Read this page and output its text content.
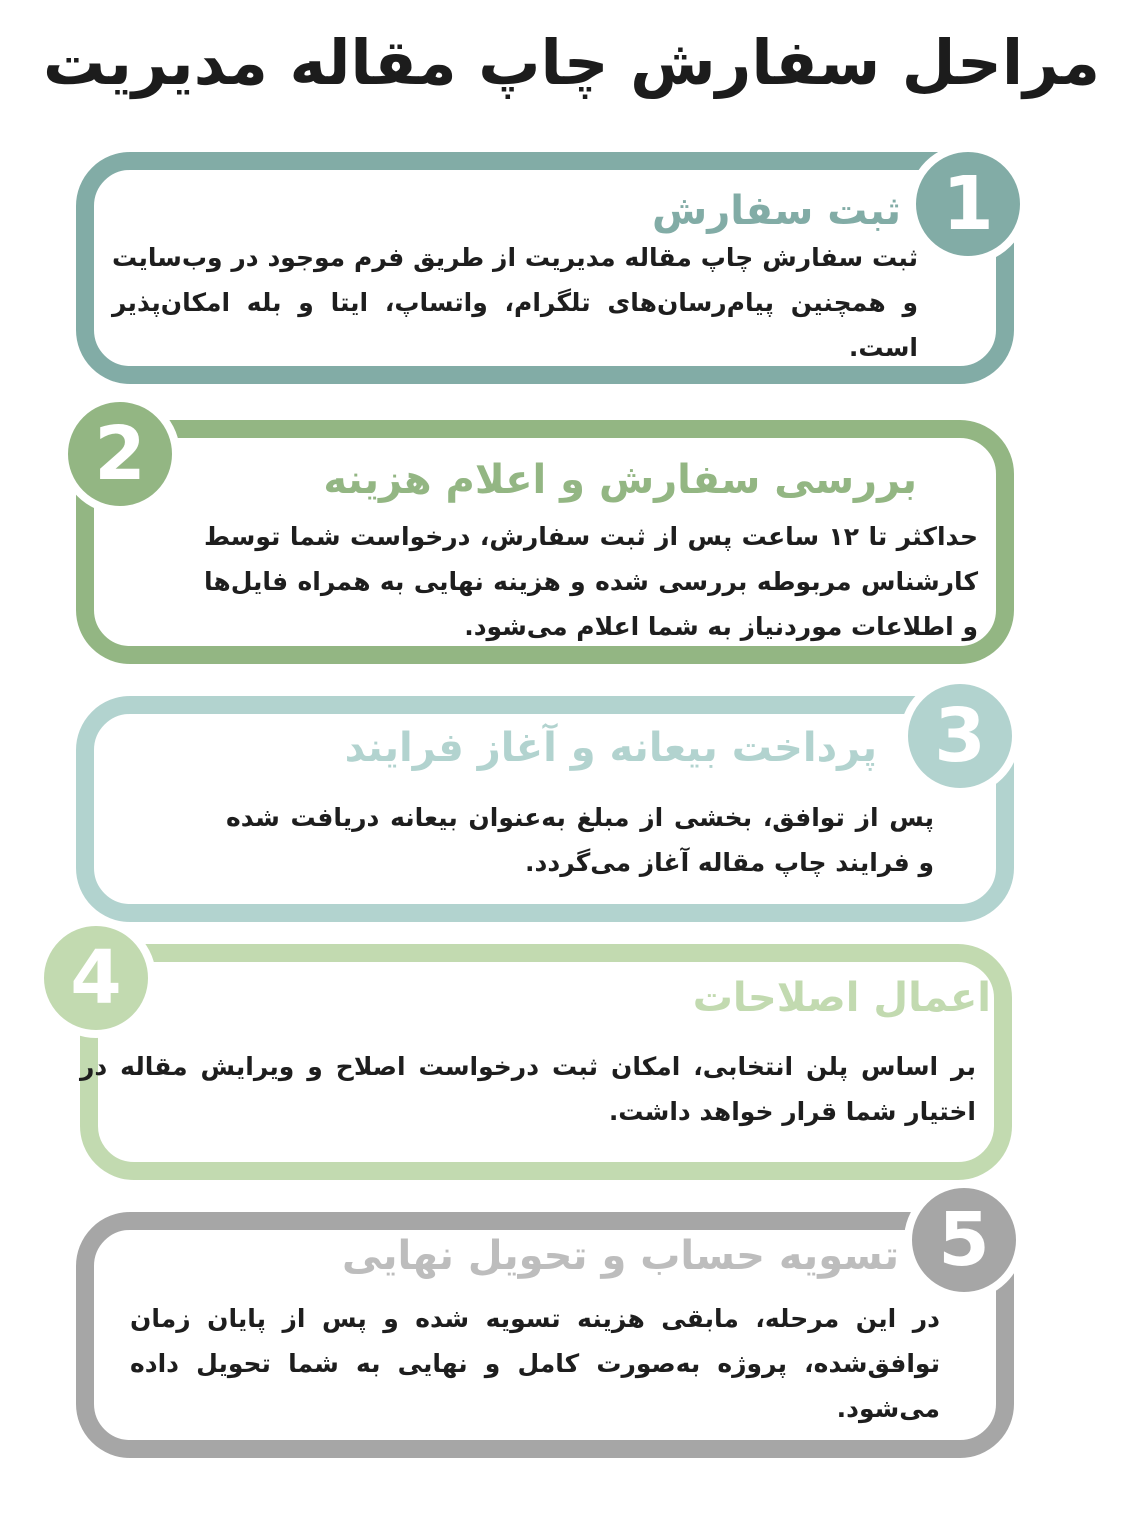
مراحل سفارش چاپ مقاله مدیریت
1
ثبت سفارش

ثبت سفارش چاپ مقاله مدیریت از طریق فرم موجود در وب‌سایت و همچنین پیام‌رسان‌های تلگرام، واتساپ، ایتا و بله امکان‌پذیر است.

2	بررسی سفارش و اعلام هزینه

حداکثر تا ۱۲ ساعت پس از ثبت سفارش، درخواست شما توسط کارشناس مربوطه بررسی شده و هزینه نهایی به همراه فایل‌ها و اطلاعات موردنیاز به شما اعلام می‌شود.

3
پرداخت بیعانه و آغاز فرایند

پس از توافق، بخشی از مبلغ به‌عنوان بیعانه دریافت شده و فرایند چاپ مقاله آغاز می‌گردد.

4	اعمال اصلاحات

بر اساس پلن انتخابی، امکان ثبت درخواست اصلاح و ویرایش مقاله در اختیار شما قرار خواهد داشت.

5
تسویه حساب و تحویل نهایی

در این مرحله، مابقی هزینه تسویه شده و پس از پایان زمان توافق‌شده، پروژه به‌صورت کامل و نهایی به شما تحویل داده می‌شود.
